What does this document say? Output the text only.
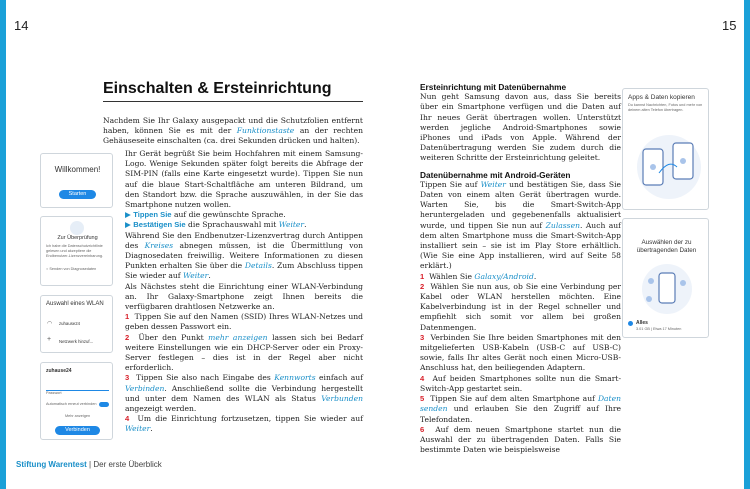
14	15
Einschalten & Ersteinrichtung
Nachdem Sie Ihr Galaxy ausgepackt und die Schutzfolien entfernt haben, können Sie es mit der Funktionstaste an der rechten Gehäuseseite einschalten (ca. drei Sekunden drücken und halten).

Ihr Gerät begrüßt Sie beim Hochfahren mit einem Samsung-Logo. Wenige Sekunden später folgt bereits die Abfrage der SIM-PIN (falls eine Karte eingesetzt wurde). Tippen Sie nun auf die blaue Start-Schaltfläche am unteren Bildrand, um den Standort bzw. die Sprache auszuwählen, in der Sie das Smartphone nutzen wollen.

▶ Tippen Sie auf die gewünschte Sprache.

▶ Bestätigen Sie die Sprachauswahl mit Weiter.

Während Sie den Endbenutzer-Lizenzvertrag durch Antippen des Kreises abnegen müssen, ist die Übermittlung von Diagnosedaten freiwillig. Weitere Informationen zu diesen Punkten erhalten Sie über die Details. Zum Abschluss tippen Sie wieder auf Weiter.

Als Nächstes steht die Einrichtung einer WLAN-Verbindung an. Ihr Galaxy-Smartphone zeigt Ihnen bereits die verfügbaren drahtlosen Netzwerke an.

1 Tippen Sie auf den Namen (SSID) Ihres WLAN-Netzes und geben dessen Passwort ein.

2 Über den Punkt mehr anzeigen lassen sich bei Bedarf weitere Einstellungen wie ein DHCP-Server oder ein Proxy-Server festlegen – dies ist in der Regel aber nicht erforderlich.

3 Tippen Sie also nach Eingabe des Kennworts einfach auf Verbinden. Anschließend sollte die Verbindung hergestellt und unter dem Namen des WLAN als Status Verbunden angezeigt werden.

4 Um die Einrichtung fortzusetzen, tippen Sie wieder auf Weiter.

Willkommen!
Starten
Zur Überprüfung
Ich habe die Datenschutzrichtlinie gelesen und akzeptiere die Endbenutzer-Lizenzvereinbarung.
○ Senden von Diagnosedaten
Auswahl eines WLAN
◠ zuhause24
+ Netzwerk hinzuf...
zuhause24
Passwort
Automatisch erneut verbinden
Mehr anzeigen
Verbinden

Ersteinrichtung mit Datenübernahme

Nun geht Samsung davon aus, dass Sie bereits über ein Smartphone verfügen und die Daten auf Ihr neues Gerät übertragen wollen. Unterstützt werden jegliche Android-Smartphones sowie iPhones und iPads von Apple. Während der Datenübertragung werden Sie zudem durch die weiteren Schritte der Ersteinrichtung geleitet.

Datenübernahme mit Android-Geräten

Tippen Sie auf Weiter und bestätigen Sie, dass Sie Daten von einem alten Gerät übertragen wurde. Warten Sie, bis die Smart-Switch-App heruntergeladen und gegebenenfalls aktualisiert wurde, und tippen Sie nun auf Zulassen. Auch auf dem alten Smartphone muss die Smart-Switch-App installiert sein – sie ist im Play Store erhältlich. (Wie Sie eine App installieren, wird auf Seite 58 erklärt.)

1 Wählen Sie Galaxy/Android.

2 Wählen Sie nun aus, ob Sie eine Verbindung per Kabel oder WLAN herstellen möchten. Eine Kabelverbindung ist in der Regel schneller und empfiehlt sich somit vor allem bei großen Datenmengen.

3 Verbinden Sie Ihre beiden Smartphones mit den mitgelieferten USB-Kabeln (USB-C auf USB-C) sowie, falls Ihr altes Gerät noch einen Micro-USB-Anschluss hat, den beiliegenden Adaptern.

4 Auf beiden Smartphones sollte nun die Smart-Switch-App gestartet sein.

5 Tippen Sie auf dem alten Smartphone auf Daten senden und erlauben Sie den Zugriff auf Ihre Telefondaten.

6 Auf dem neuen Smartphone startet nun die Auswahl der zu übertragenden Daten. Falls Sie bestimmte Daten wie beispielsweise

Apps & Daten kopieren
Du kannst Nachrichten, Fotos und mehr von deinem alten Telefon übertragen.
Auswählen der zu übertragenden Daten
Alles
3.01 GB | Etwa 17 Minuten
Stiftung Warentest | Der erste Überblick
